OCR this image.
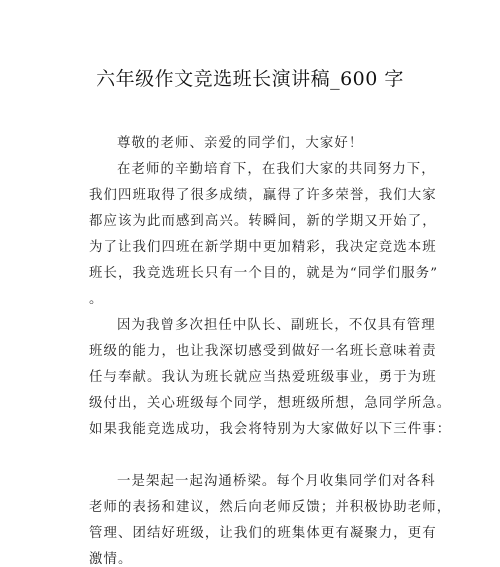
六年级作文竞选班长演讲稿_600 字
尊敬的老师、亲爱的同学们，大家好！
在老师的辛勤培育下，在我们大家的共同努力下，
我们四班取得了很多成绩，赢得了许多荣誉，我们大家
都应该为此而感到高兴。转瞬间，新的学期又开始了，
为了让我们四班在新学期中更加精彩，我决定竞选本班
班长，我竞选班长只有一个目的，就是为“同学们服务”
。
因为我曾多次担任中队长、副班长，不仅具有管理
班级的能力，也让我深切感受到做好一名班长意味着责
任与奉献。我认为班长就应当热爱班级事业，勇于为班
级付出，关心班级每个同学，想班级所想，急同学所急。
如果我能竞选成功，我会将特别为大家做好以下三件事：
一是架起一起沟通桥梁。每个月收集同学们对各科
老师的表扬和建议，然后向老师反馈；并积极协助老师，
管理、团结好班级，让我们的班集体更有凝聚力，更有
激情。
